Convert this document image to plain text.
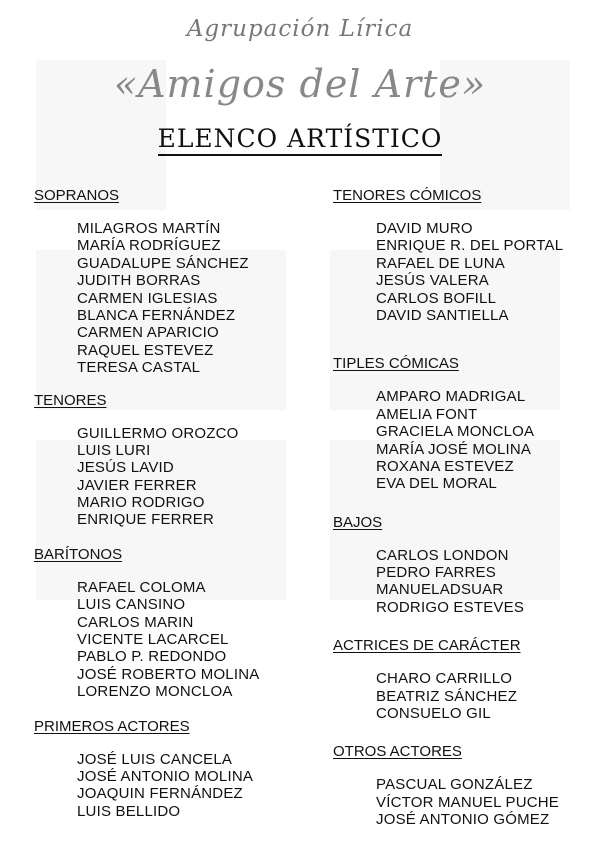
Agrupación Lírica
«Amigos del Arte»
ELENCO ARTÍSTICO
SOPRANOS
MILAGROS MARTÍN
MARÍA RODRÍGUEZ
GUADALUPE SÁNCHEZ
JUDITH BORRAS
CARMEN IGLESIAS
BLANCA FERNÁNDEZ
CARMEN APARICIO
RAQUEL ESTEVEZ
TERESA CASTAL
TENORES
GUILLERMO OROZCO
LUIS LURI
JESÚS LAVID
JAVIER FERRER
MARIO RODRIGO
ENRIQUE FERRER
BARÍTONOS
RAFAEL COLOMA
LUIS CANSINO
CARLOS MARIN
VICENTE LACARCEL
PABLO P. REDONDO
JOSÉ ROBERTO MOLINA
LORENZO MONCLOA
PRIMEROS ACTORES
JOSÉ LUIS CANCELA
JOSÉ ANTONIO MOLINA
JOAQUIN FERNÁNDEZ
LUIS BELLIDO
TENORES CÓMICOS
DAVID MURO
ENRIQUE R. DEL PORTAL
RAFAEL DE LUNA
JESÚS VALERA
CARLOS BOFILL
DAVID SANTIELLA
TIPLES CÓMICAS
AMPARO MADRIGAL
AMELIA FONT
GRACIELA MONCLOA
MARÍA JOSÉ MOLINA
ROXANA ESTEVEZ
EVA DEL MORAL
BAJOS
CARLOS LONDON
PEDRO FARRES
MANUELADSUAR
RODRIGO ESTEVES
ACTRICES DE CARÁCTER
CHARO CARRILLO
BEATRIZ SÁNCHEZ
CONSUELO GIL
OTROS ACTORES
PASCUAL GONZÁLEZ
VÍCTOR MANUEL PUCHE
JOSÉ ANTONIO GÓMEZ
